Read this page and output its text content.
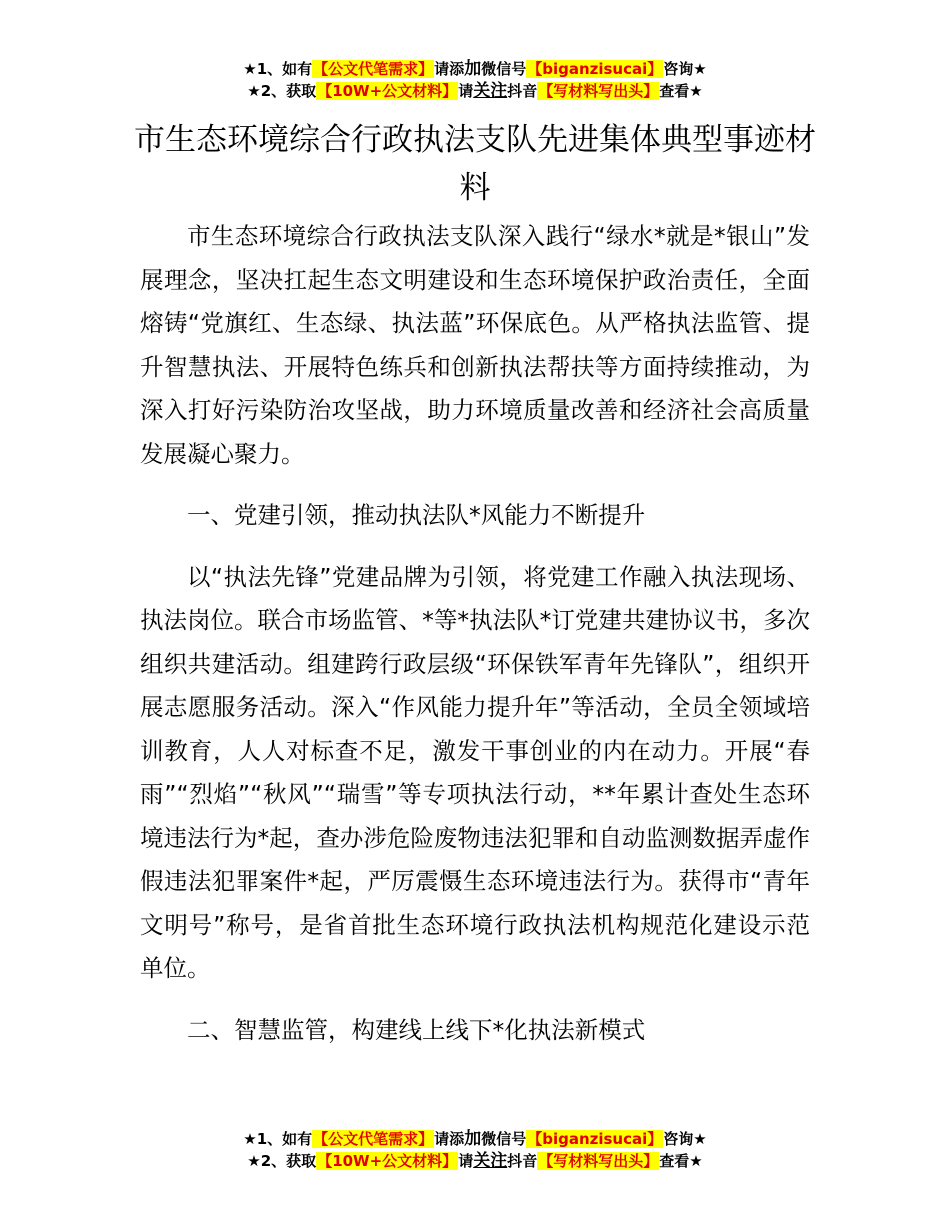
★1、如有【公文代笔需求】请添加微信号【biganzisucai】咨询★
★2、获取【10W+公文材料】请关注抖音【写材料写出头】查看★
市生态环境综合行政执法支队先进集体典型事迹材料

市生态环境综合行政执法支队深入践行“绿水*就是*银山”发展理念，坚决扛起生态文明建设和生态环境保护政治责任，全面熔铸“党旗红、生态绿、执法蓝”环保底色。从严格执法监管、提升智慧执法、开展特色练兵和创新执法帮扶等方面持续推动，为深入打好污染防治攻坚战，助力环境质量改善和经济社会高质量发展凝心聚力。

一、党建引领，推动执法队*风能力不断提升

以“执法先锋”党建品牌为引领，将党建工作融入执法现场、执法岗位。联合市场监管、*等*执法队*订党建共建协议书，多次组织共建活动。组建跨行政层级“环保铁军青年先锋队”，组织开展志愿服务活动。深入“作风能力提升年”等活动，全员全领域培训教育，人人对标查不足，激发干事创业的内在动力。开展“春雨”“烈焰”“秋风”“瑞雪”等专项执法行动，**年累计查处生态环境违法行为*起，查办涉危险废物违法犯罪和自动监测数据弄虚作假违法犯罪案件*起，严厉震慑生态环境违法行为。获得市“青年文明号”称号，是省首批生态环境行政执法机构规范化建设示范单位。

二、智慧监管，构建线上线下*化执法新模式

★1、如有【公文代笔需求】请添加微信号【biganzisucai】咨询★
★2、获取【10W+公文材料】请关注抖音【写材料写出头】查看★
